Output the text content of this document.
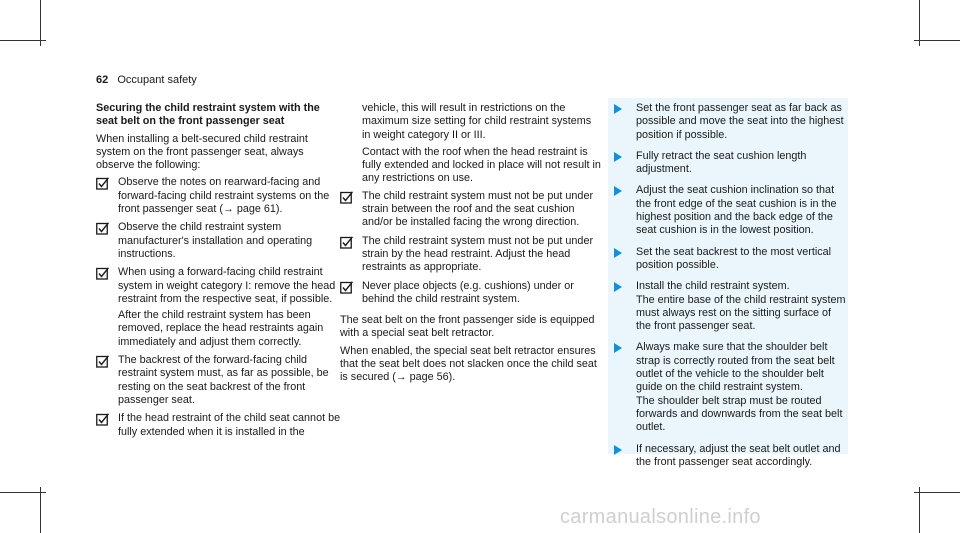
62 Occupant safety
Securing the child restraint system with the seat belt on the front passenger seat

When installing a belt-secured child restraint system on the front passenger seat, always observe the following:

Observe the notes on rearward-facing and forward-facing child restraint systems on the front passenger seat (→ page 61).
Observe the child restraint system manufacturer's installation and operating instructions.
When using a forward-facing child restraint system in weight category I: remove the head restraint from the respective seat, if possible.
After the child restraint system has been removed, replace the head restraints again immediately and adjust them correctly.
The backrest of the forward-facing child restraint system must, as far as possible, be resting on the seat backrest of the front passenger seat.
If the head restraint of the child seat cannot be fully extended when it is installed in the

vehicle, this will result in restrictions on the maximum size setting for child restraint systems in weight category II or III.

Contact with the roof when the head restraint is fully extended and locked in place will not result in any restrictions on use.

The child restraint system must not be put under strain between the roof and the seat cushion and/or be installed facing the wrong direction.
The child restraint system must not be put under strain by the head restraint. Adjust the head restraints as appropriate.
Never place objects (e.g. cushions) under or behind the child restraint system.

The seat belt on the front passenger side is equipped with a special seat belt retractor.

When enabled, the special seat belt retractor ensures that the seat belt does not slacken once the child seat is secured (→ page 56).

Set the front passenger seat as far back as possible and move the seat into the highest position if possible.
Fully retract the seat cushion length adjustment.
Adjust the seat cushion inclination so that the front edge of the seat cushion is in the highest position and the back edge of the seat cushion is in the lowest position.
Set the seat backrest to the most vertical position possible.
Install the child restraint system.
The entire base of the child restraint system must always rest on the sitting surface of the front passenger seat.
Always make sure that the shoulder belt strap is correctly routed from the seat belt outlet of the vehicle to the shoulder belt guide on the child restraint system.
The shoulder belt strap must be routed forwards and downwards from the seat belt outlet.
If necessary, adjust the seat belt outlet and the front passenger seat accordingly.
carmanualsonline.info
